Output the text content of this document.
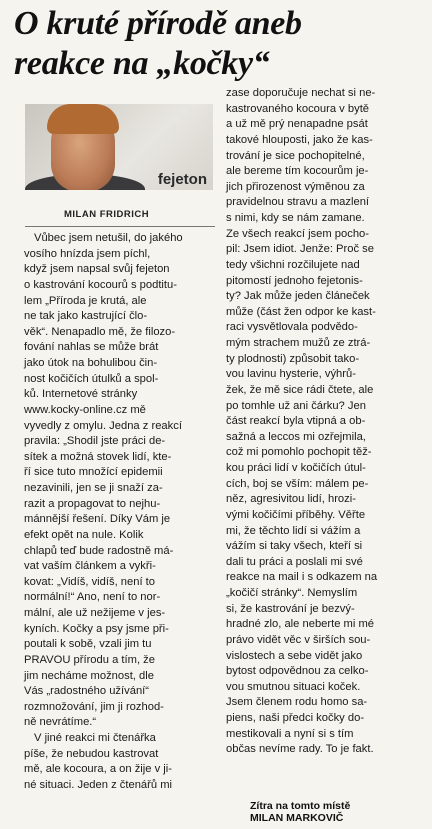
O kruté přírodě aneb
reakce na „kočky“
fejeton
MILAN FRIDRICH
Vůbec jsem netušil, do jakého
vosího hnízda jsem píchl,
když jsem napsal svůj fejeton
o kastrování kocourů s podtitu-
lem „Příroda je krutá, ale
ne tak jako kastrující člo-
věk“. Nenapadlo mě, že filozo-
fování nahlas se může brát
jako útok na bohulibou čin-
nost kočičích útulků a spol-
ků. Internetové stránky
www.kocky-online.cz mě
vyvedly z omylu. Jedna z reakcí
pravila: „Shodil jste práci de-
sítek a možná stovek lidí, kte-
ří sice tuto množící epidemii
nezavinili, jen se ji snaží za-
razit a propagovat to nejhu-
mánnější řešení. Díky Vám je
efekt opět na nule. Kolik
chlapů teď bude radostně má-
vat vaším článkem a vykři-
kovat: „Vidíš, vidíš, není to
normální!“ Ano, není to nor-
mální, ale už nežijeme v jes-
kyních. Kočky a psy jsme při-
poutali k sobě, vzali jim tu
PRAVOU přírodu a tím, že
jim necháme možnost, dle
Vás „radostného užívání“
rozmnožování, jim ji rozhod-
ně nevrátíme.“
V jiné reakci mi čtenářka
píše, že nebudou kastrovat
mě, ale kocoura, a on žije v ji-
né situaci. Jeden z čtenářů mi
zase doporučuje nechat si ne-
kastrovaného kocoura v bytě
a už mě prý nenapadne psát
takové hlouposti, jako že kas-
trování je sice pochopitelné,
ale bereme tím kocourům je-
jich přirozenost výměnou za
pravidelnou stravu a mazlení
s nimi, kdy se nám zamane.
Ze všech reakcí jsem pocho-
pil: Jsem idiot. Jenže: Proč se
tedy všichni rozčilujete nad
pitomostí jednoho fejetonis-
ty? Jak může jeden článeček
může (část žen odpor ke kast-
raci vysvětlovala podvědo-
mým strachem mužů ze ztrá-
ty plodnosti) způsobit tako-
vou lavinu hysterie, výhrů-
žek, že mě sice rádi čtete, ale
po tomhle už ani čárku? Jen
část reakcí byla vtipná a ob-
sažná a leccos mi ozřejmila,
což mi pomohlo pochopit těž-
kou práci lidí v kočičích útul-
cích, boj se vším: málem pe-
něz, agresivitou lidí, hrozi-
vými kočičími příběhy. Věřte
mi, že těchto lidí si vážím a
vážím si taky všech, kteří si
dali tu práci a poslali mi své
reakce na mail i s odkazem na
„kočičí stránky“. Nemyslím
si, že kastrování je bezvý-
hradné zlo, ale neberte mi mé
právo vidět věc v širších sou-
vislostech a sebe vidět jako
bytost odpovědnou za celko-
vou smutnou situaci koček.
Jsem členem rodu homo sa-
piens, naši předci kočky do-
mestikovali a nyní si s tím
občas nevíme rady. To je fakt.
Zítra na tomto místě
MILAN MARKOVIČ
